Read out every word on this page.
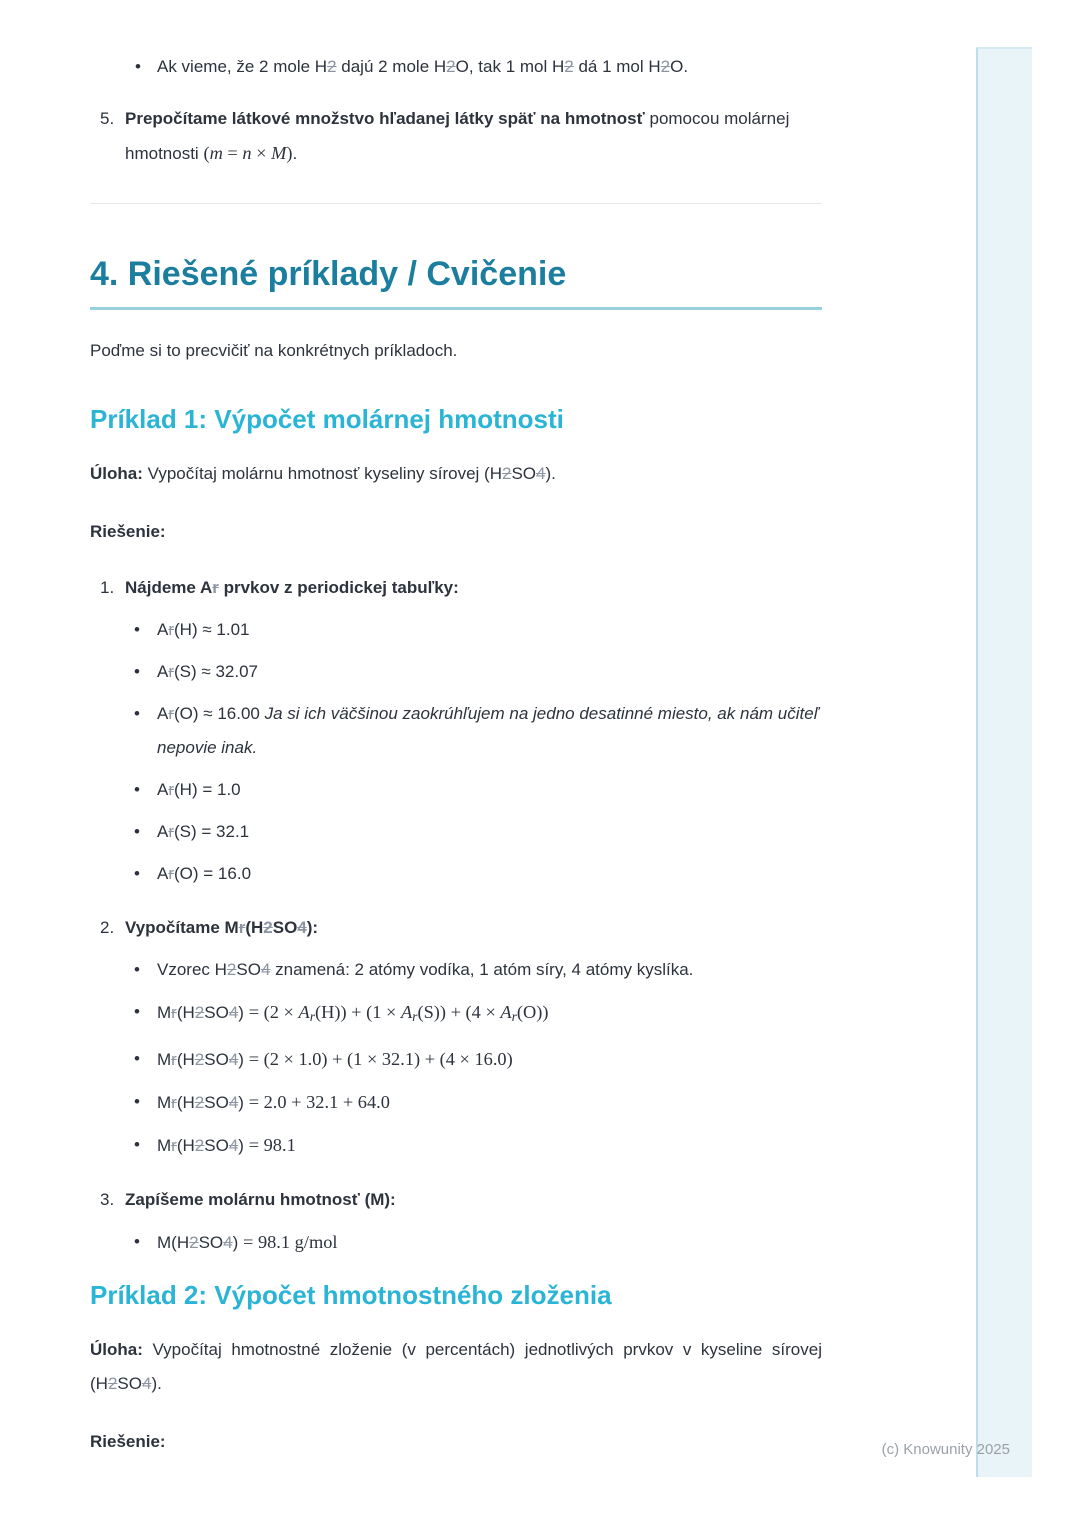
• Ak vieme, že 2 mole H2 dajú 2 mole H2O, tak 1 mol H2 dá 1 mol H2O.
5. Prepočítame látkové množstvo hľadanej látky späť na hmotnosť pomocou molárnej hmotnosti (m = n × M).
4. Riešené príklady / Cvičenie

Poďme si to precvičiť na konkrétnych príkladoch.

Príklad 1: Výpočet molárnej hmotnosti

Úloha: Vypočítaj molárnu hmotnosť kyseliny sírovej (H2SO4).

Riešenie:

1. Nájdeme Ar prvkov z periodickej tabuľky:
• Ar(H) ≈ 1.01
• Ar(S) ≈ 32.07
• Ar(O) ≈ 16.00 Ja si ich väčšinou zaokrúhľujem na jedno desatinné miesto, ak nám učiteľ nepovie inak.
• Ar(H) = 1.0
• Ar(S) = 32.1
• Ar(O) = 16.0
2. Vypočítame Mr(H2SO4):
• Vzorec H2SO4 znamená: 2 atómy vodíka, 1 atóm síry, 4 atómy kyslíka.
• Mr(H2SO4) = (2 × Ar(H)) + (1 × Ar(S)) + (4 × Ar(O))
• Mr(H2SO4) = (2 × 1.0) + (1 × 32.1) + (4 × 16.0)
• Mr(H2SO4) = 2.0 + 32.1 + 64.0
• Mr(H2SO4) = 98.1
3. Zapíšeme molárnu hmotnosť (M):
• M(H2SO4) = 98.1 g/mol
Príklad 2: Výpočet hmotnostného zloženia

Úloha: Vypočítaj hmotnostné zloženie (v percentách) jednotlivých prvkov v kyseline sírovej (H2SO4).

Riešenie:	(c) Knowunity 2025
